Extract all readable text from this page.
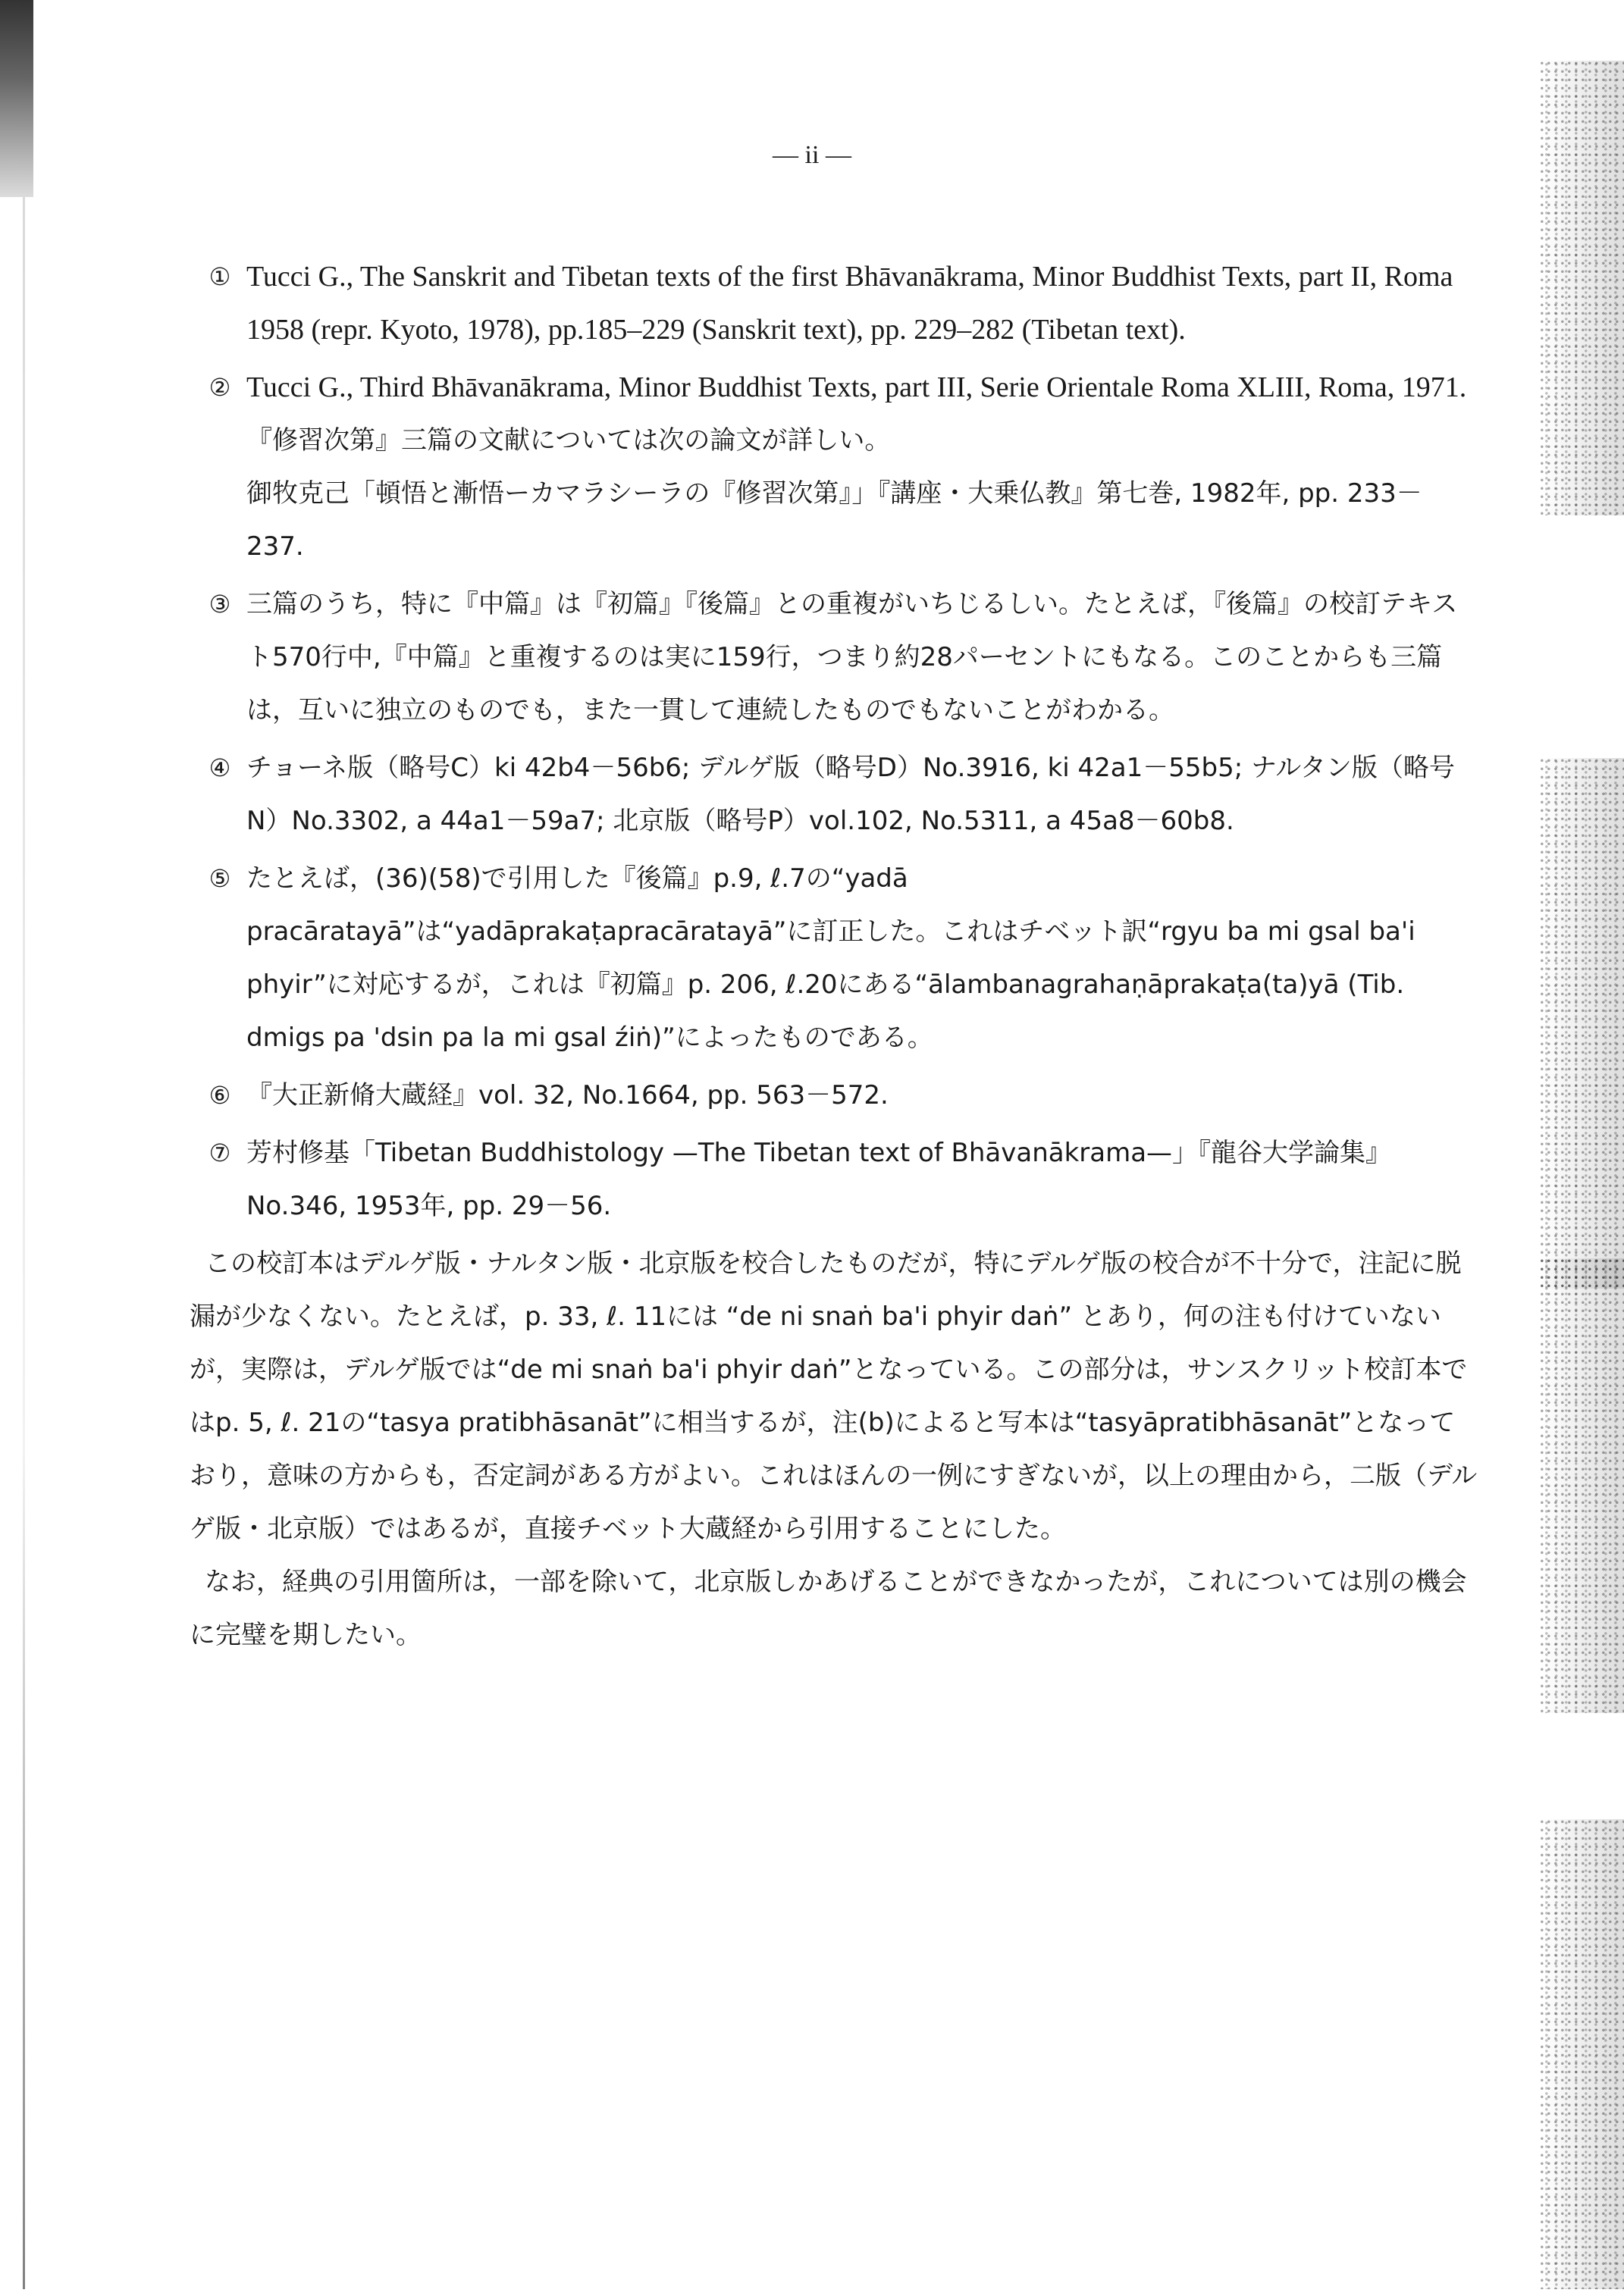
— ii —
① Tucci G., The Sanskrit and Tibetan texts of the first Bhāvanākrama, Minor Buddhist Texts, part II, Roma 1958 (repr. Kyoto, 1978), pp.185–229 (Sanskrit text), pp. 229–282 (Tibetan text).

② Tucci G., Third Bhāvanākrama, Minor Buddhist Texts, part III, Serie Orientale Roma XLIII, Roma, 1971.

『修習次第』三篇の文献については次の論文が詳しい。

御牧克己「頓悟と漸悟ーカマラシーラの『修習次第』」『講座・大乗仏教』第七巻, 1982年, pp. 233－237.

③ 三篇のうち，特に『中篇』は『初篇』『後篇』との重複がいちじるしい。たとえば，『後篇』の校訂テキスト570行中,『中篇』と重複するのは実に159行，つまり約28パーセントにもなる。このことからも三篇は，互いに独立のものでも，また一貫して連続したものでもないことがわかる。

④ チョーネ版（略号C）ki 42b4－56b6; デルゲ版（略号D）No.3916, ki 42a1－55b5; ナルタン版（略号N）No.3302, a 44a1－59a7; 北京版（略号P）vol.102, No.5311, a 45a8－60b8.

⑤ たとえば，(36)(58)で引用した『後篇』p.9, ℓ.7の“yadā pracāratayā”は“yadāprakaṭapracāratayā”に訂正した。これはチベット訳“rgyu ba mi gsal ba'i phyir”に対応するが，これは『初篇』p. 206, ℓ.20にある“ālambanagrahaṇāprakaṭa(ta)yā (Tib. dmigs pa 'dsin pa la mi gsal źiṅ)”によったものである。

⑥ 『大正新脩大蔵経』vol. 32, No.1664, pp. 563－572.

⑦ 芳村修基「Tibetan Buddhistology —The Tibetan text of Bhāvanākrama—」『龍谷大学論集』No.346, 1953年, pp. 29－56.

この校訂本はデルゲ版・ナルタン版・北京版を校合したものだが，特にデルゲ版の校合が不十分で，注記に脱漏が少なくない。たとえば，p. 33, ℓ. 11には “de ni snaṅ ba'i phyir daṅ” とあり，何の注も付けていないが，実際は，デルゲ版では“de mi snaṅ ba'i phyir daṅ”となっている。この部分は，サンスクリット校訂本ではp. 5, ℓ. 21の“tasya pratibhāsanāt”に相当するが，注(b)によると写本は“tasyāpratibhāsanāt”となっており，意味の方からも，否定詞がある方がよい。これはほんの一例にすぎないが，以上の理由から，二版（デルゲ版・北京版）ではあるが，直接チベット大蔵経から引用することにした。

なお，経典の引用箇所は，一部を除いて，北京版しかあげることができなかったが，これについては別の機会に完璧を期したい。
